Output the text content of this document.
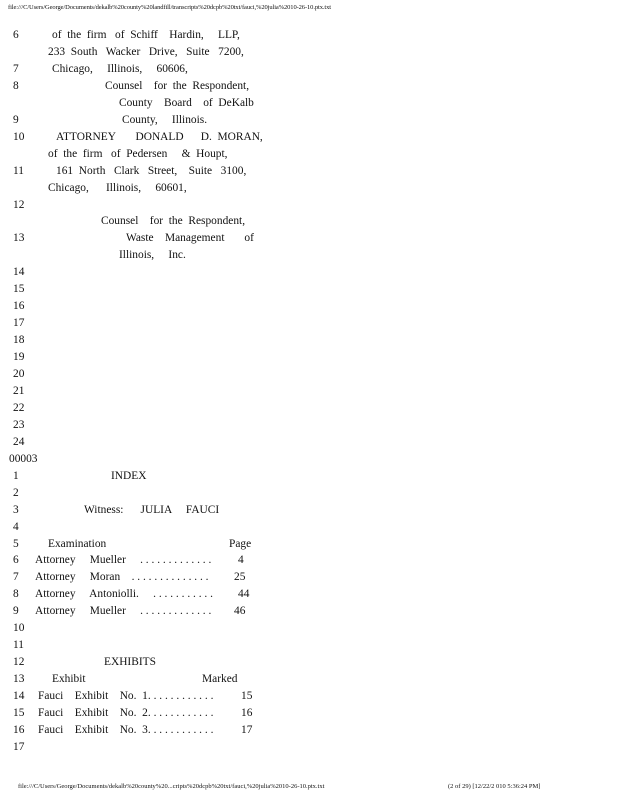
file:///C/Users/George/Documents/dekalb%20county%20landfill/transcripts%20dcpb%20txt/fauci,%20julia%2010-26-10.ptx.txt
6	of  the  firm   of  Schiff    Hardin,     LLP,
233  South   Wacker   Drive,   Suite   7200,
7	Chicago,     Illinois,     60606,
8	Counsel    for  the  Respondent,
County    Board    of  DeKalb
9	County,     Illinois.
10	ATTORNEY       DONALD      D.  MORAN,
of  the  firm   of  Pedersen     &  Houpt,
11	161  North   Clark   Street,    Suite   3100,
Chicago,      Illinois,     60601,
12
Counsel    for  the  Respondent,
13	Waste    Management       of
Illinois,     Inc.
14
15
16
17
18
19
20
21
22
23
24
00003
1	INDEX
2
3	Witness:      JULIA     FAUCI
4
5 Examination	Page
6 Attorney     Mueller     . . . . . . . . . . . . . 4
7 Attorney     Moran    . . . . . . . . . . . . . . 25
8 Attorney     Antoniolli.     . . . . . . . . . . . 44
9 Attorney     Mueller     . . . . . . . . . . . . . 46
10
11
12	EXHIBITS
13 Exhibit	Marked
14 Fauci    Exhibit    No.  1. . . . . . . . . . . . 15
15 Fauci    Exhibit    No.  2. . . . . . . . . . . . 16
16 Fauci    Exhibit    No.  3. . . . . . . . . . . . 17
17
file:///C/Users/George/Documents/dekalb%20county%20...cripts%20dcpb%20txt/fauci,%20julia%2010-26-10.ptx.txt	(2 of 29) [12/22/2 010 5:36:24 PM]
